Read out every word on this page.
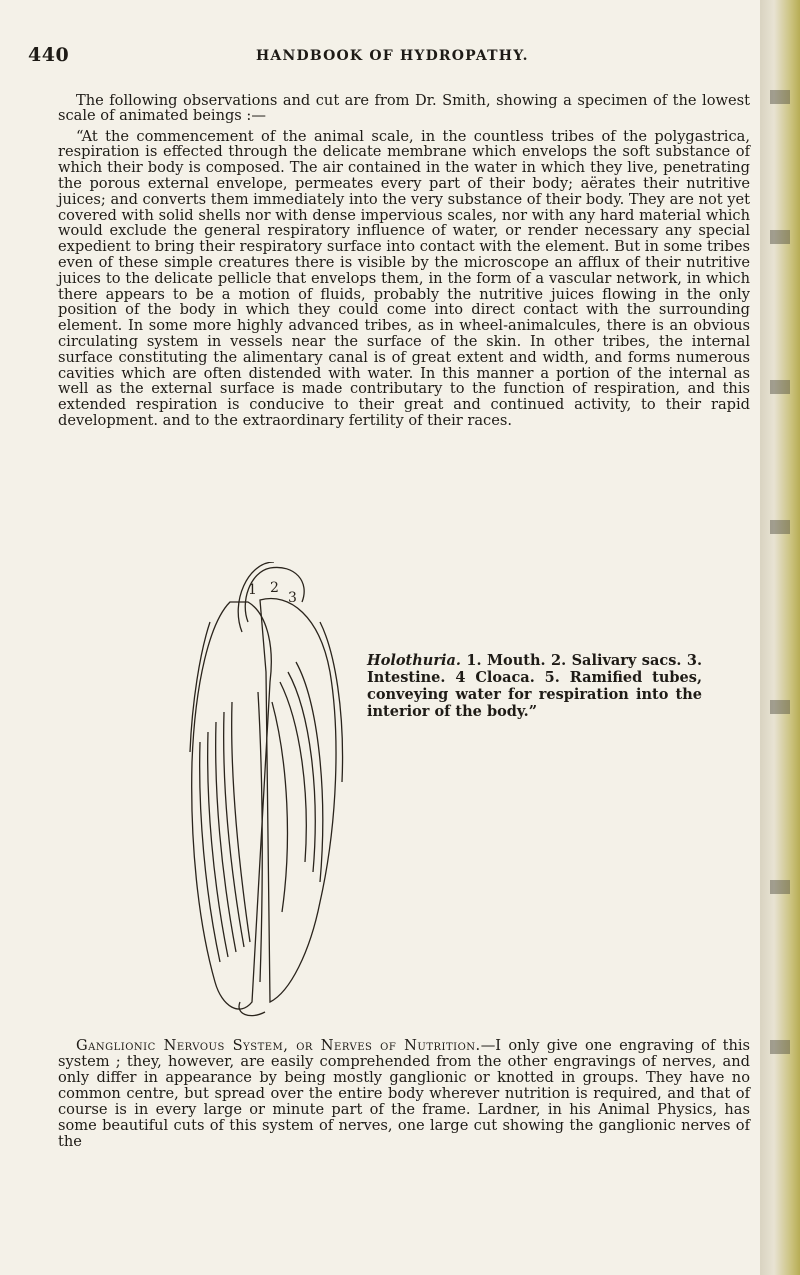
440	HANDBOOK OF HYDROPATHY.

The following observations and cut are from Dr. Smith, showing a specimen of the lowest scale of animated beings :—

“At the commencement of the animal scale, in the countless tribes of the polygastrica, respiration is effected through the delicate membrane which envelops the soft substance of which their body is composed. The air contained in the water in which they live, penetrating the porous external envelope, permeates every part of their body; aërates their nutritive juices; and converts them immediately into the very substance of their body. They are not yet covered with solid shells nor with dense impervious scales, nor with any hard material which would exclude the general respiratory influence of water, or render necessary any special expedient to bring their respiratory surface into contact with the element. But in some tribes even of these simple creatures there is visible by the microscope an afflux of their nutritive juices to the delicate pellicle that envelops them, in the form of a vascular network, in which there appears to be a motion of fluids, probably the nutritive juices flowing in the only position of the body in which they could come into direct contact with the surrounding element. In some more highly advanced tribes, as in wheel-animalcules, there is an obvious circulating system in vessels near the surface of the skin. In other tribes, the internal surface constituting the alimentary canal is of great extent and width, and forms numerous cavities which are often distended with water. In this manner a portion of the internal as well as the external surface is made contributary to the function of respiration, and this extended respiration is conducive to their great and continued activity, to their rapid development. and to the extraordinary fertility of their races.

1 2
3
Holothuria. 1. Mouth. 2. Salivary sacs. 3. Intestine. 4 Cloaca. 5. Ramified tubes, conveying water for respiration into the interior of the body.”

Ganglionic Nervous System, or Nerves of Nutrition.—I only give one engraving of this system ; they, however, are easily comprehended from the other engravings of nerves, and only differ in appearance by being mostly ganglionic or knotted in groups. They have no common centre, but spread over the entire body wherever nutrition is required, and that of course is in every large or minute part of the frame. Lardner, in his Animal Physics, has some beautiful cuts of this system of nerves, one large cut showing the ganglionic nerves of the
